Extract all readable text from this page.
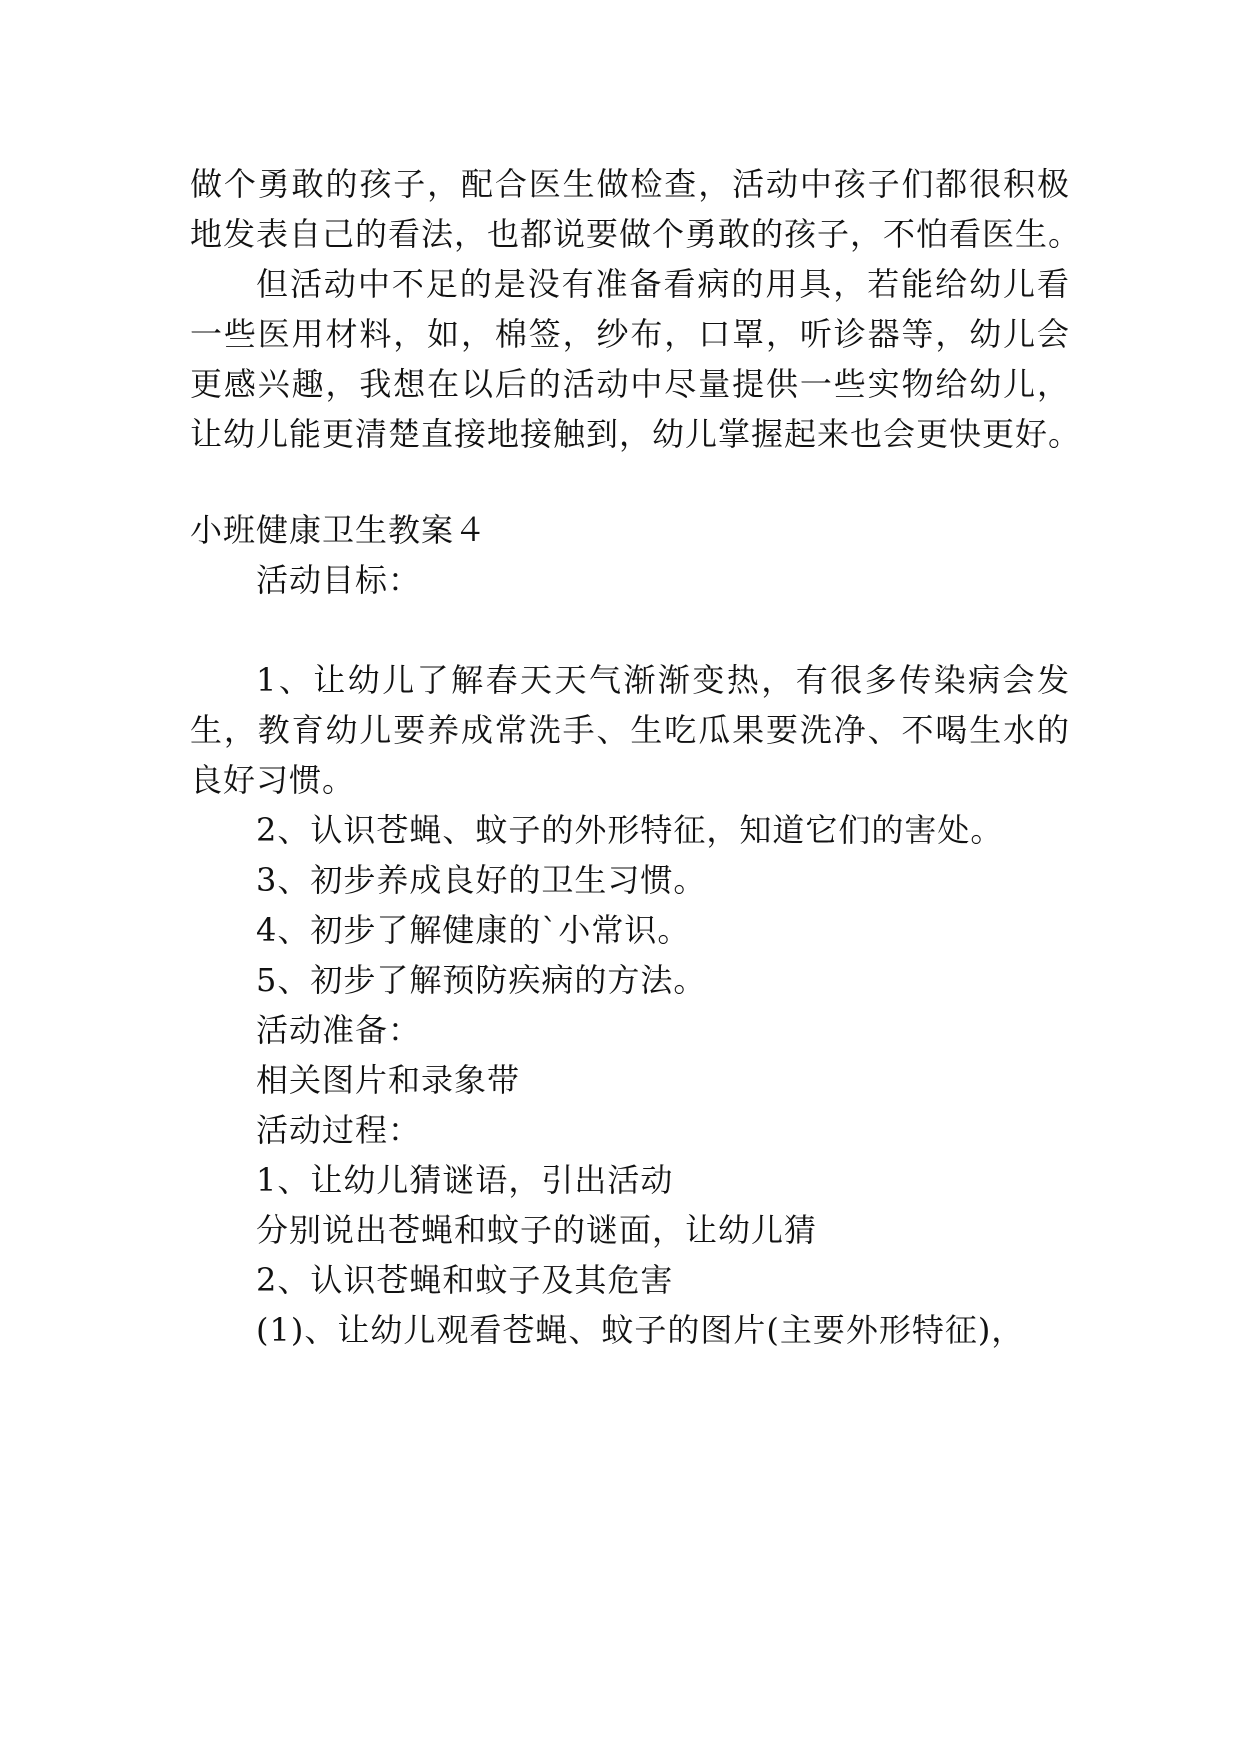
做个勇敢的孩子，配合医生做检查，活动中孩子们都很积极
地发表自己的看法，也都说要做个勇敢的孩子，不怕看医生。
但活动中不足的是没有准备看病的用具，若能给幼儿看
一些医用材料，如，棉签，纱布，口罩，听诊器等，幼儿会
更感兴趣，我想在以后的活动中尽量提供一些实物给幼儿，
让幼儿能更清楚直接地接触到，幼儿掌握起来也会更快更好。
小班健康卫生教案４
活动目标：
1、让幼儿了解春天天气渐渐变热，有很多传染病会发
生，教育幼儿要养成常洗手、生吃瓜果要洗净、不喝生水的
良好习惯。
2、认识苍蝇、蚊子的外形特征，知道它们的害处。
3、初步养成良好的卫生习惯。
4、初步了解健康的`小常识。
5、初步了解预防疾病的方法。
活动准备：
相关图片和录象带
活动过程：
1、让幼儿猜谜语，引出活动
分别说出苍蝇和蚊子的谜面，让幼儿猜
2、认识苍蝇和蚊子及其危害
(1)、让幼儿观看苍蝇、蚊子的图片(主要外形特征)，
